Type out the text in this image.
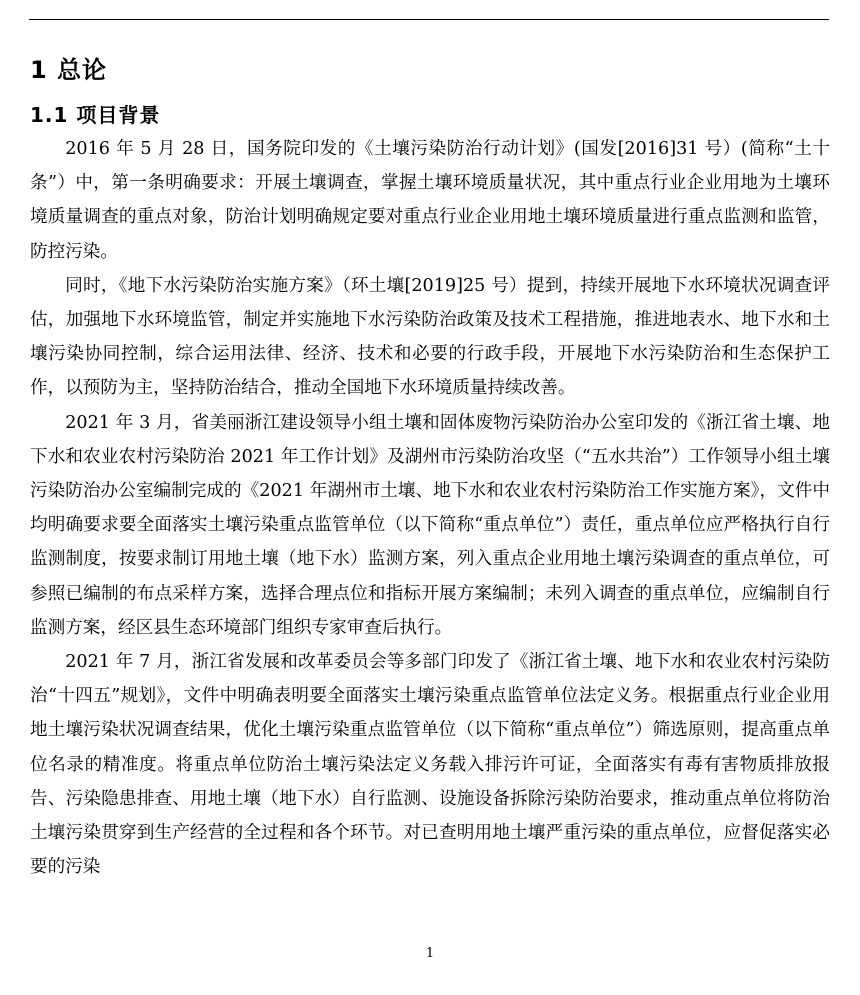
1 总论
1.1 项目背景

2016 年 5 月 28 日，国务院印发的《土壤污染防治行动计划》(国发[2016]31 号）(简称“土十条”）中，第一条明确要求：开展土壤调查，掌握土壤环境质量状况，其中重点行业企业用地为土壤环境质量调查的重点对象，防治计划明确规定要对重点行业企业用地土壤环境质量进行重点监测和监管，防控污染。

同时，《地下水污染防治实施方案》（环土壤[2019]25 号）提到，持续开展地下水环境状况调查评估，加强地下水环境监管，制定并实施地下水污染防治政策及技术工程措施，推进地表水、地下水和土壤污染协同控制，综合运用法律、经济、技术和必要的行政手段，开展地下水污染防治和生态保护工作，以预防为主，坚持防治结合，推动全国地下水环境质量持续改善。

2021 年 3 月，省美丽浙江建设领导小组土壤和固体废物污染防治办公室印发的《浙江省土壤、地下水和农业农村污染防治 2021 年工作计划》及湖州市污染防治攻坚（“五水共治”）工作领导小组土壤污染防治办公室编制完成的《2021 年湖州市土壤、地下水和农业农村污染防治工作实施方案》，文件中均明确要求要全面落实土壤污染重点监管单位（以下简称“重点单位”）责任，重点单位应严格执行自行监测制度，按要求制订用地土壤（地下水）监测方案，列入重点企业用地土壤污染调查的重点单位，可参照已编制的布点采样方案，选择合理点位和指标开展方案编制；未列入调查的重点单位，应编制自行监测方案，经区县生态环境部门组织专家审查后执行。

2021 年 7 月，浙江省发展和改革委员会等多部门印发了《浙江省土壤、地下水和农业农村污染防治“十四五”规划》，文件中明确表明要全面落实土壤污染重点监管单位法定义务。根据重点行业企业用地土壤污染状况调查结果，优化土壤污染重点监管单位（以下简称“重点单位”）筛选原则，提高重点单位名录的精准度。将重点单位防治土壤污染法定义务载入排污许可证，全面落实有毒有害物质排放报告、污染隐患排查、用地土壤（地下水）自行监测、设施设备拆除污染防治要求，推动重点单位将防治土壤污染贯穿到生产经营的全过程和各个环节。对已查明用地土壤严重污染的重点单位，应督促落实必要的污染

1
